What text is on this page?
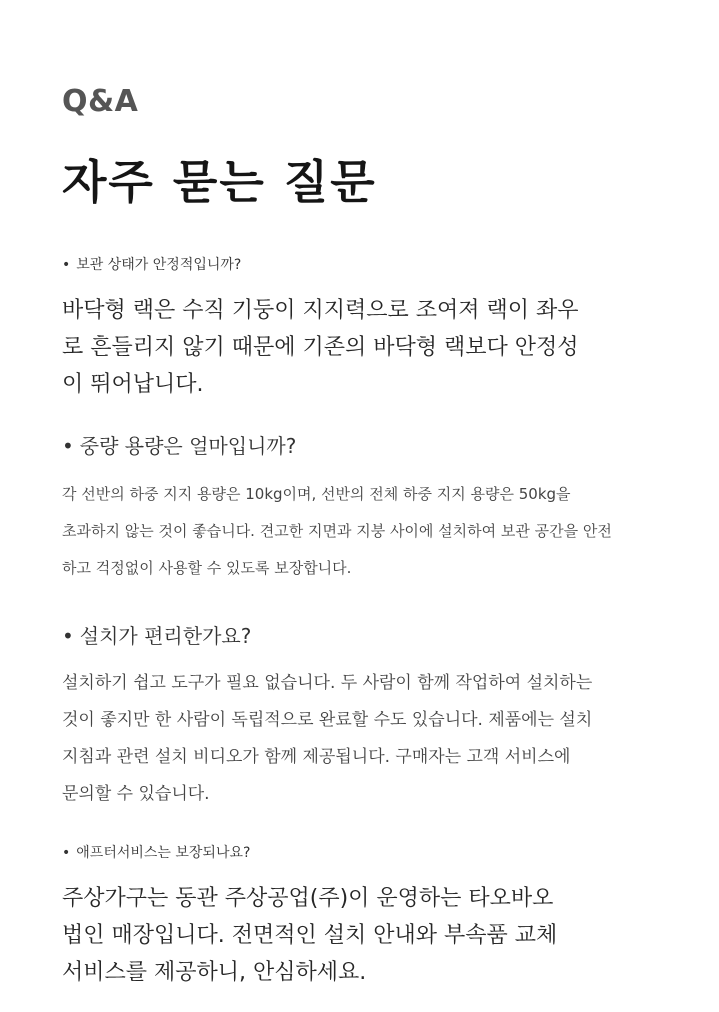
Q&A
자주 묻는 질문
• 보관 상태가 안정적입니까?
바닥형 랙은 수직 기둥이 지지력으로 조여져 랙이 좌우
로 흔들리지 않기 때문에 기존의 바닥형 랙보다 안정성
이 뛰어납니다.
• 중량 용량은 얼마입니까?
각 선반의 하중 지지 용량은 10kg이며, 선반의 전체 하중 지지 용량은 50kg을
초과하지 않는 것이 좋습니다. 견고한 지면과 지붕 사이에 설치하여 보관 공간을 안전
하고 걱정없이 사용할 수 있도록 보장합니다.
• 설치가 편리한가요?
설치하기 쉽고 도구가 필요 없습니다. 두 사람이 함께 작업하여 설치하는
것이 좋지만 한 사람이 독립적으로 완료할 수도 있습니다. 제품에는 설치
지침과 관련 설치 비디오가 함께 제공됩니다. 구매자는 고객 서비스에
문의할 수 있습니다.
• 애프터서비스는 보장되나요?
주상가구는 동관 주상공업(주)이 운영하는 타오바오
법인 매장입니다. 전면적인 설치 안내와 부속품 교체
서비스를 제공하니, 안심하세요.
